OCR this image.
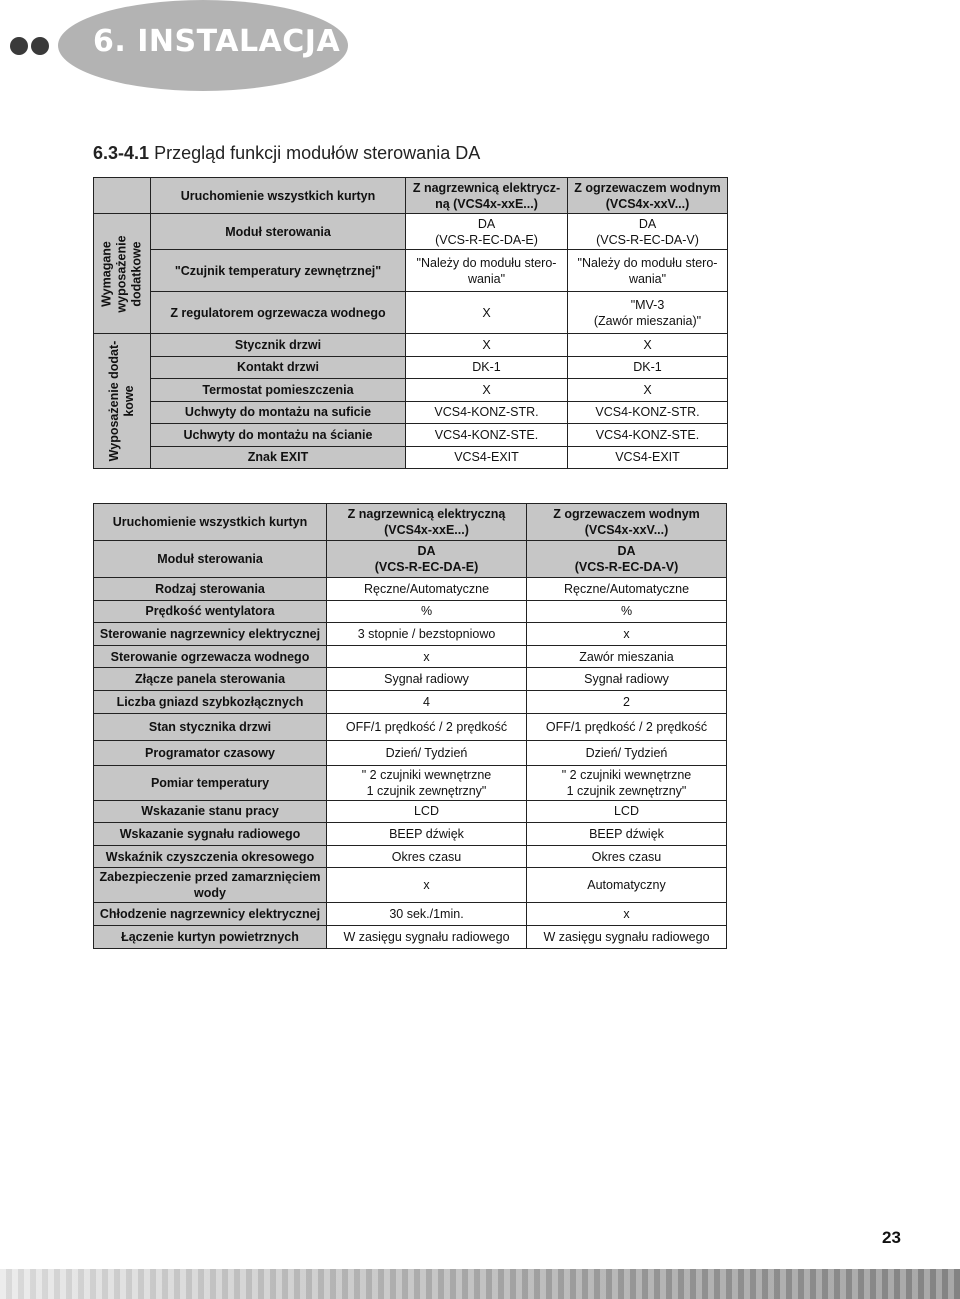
6. INSTALACJA
6.3-4.1 Przegląd funkcji modułów sterowania DA
	Uruchomienie wszystkich kurtyn	Z nagrzewnicą elektrycz-
ną (VCS4x-xxE...)	Z ogrzewaczem wodnym
(VCS4x-xxV...)

Wymagane
wyposażenie
dodatkowe	Moduł sterowania	DA
(VCS-R-EC-DA-E)	DA
(VCS-R-EC-DA-V)
	"Czujnik temperatury zewnętrznej"	"Należy do modułu stero-
wania"	"Należy do modułu stero-
wania"
	Z regulatorem ogrzewacza wodnego	X	"MV-3
(Zawór mieszania)"

Wyposażenie dodat-
kowe	Stycznik drzwi	X	X
	Kontakt drzwi	DK-1	DK-1
	Termostat pomieszczenia	X	X
	Uchwyty do montażu na suficie	VCS4-KONZ-STR.	VCS4-KONZ-STR.
	Uchwyty do montażu na ścianie	VCS4-KONZ-STE.	VCS4-KONZ-STE.
	Znak EXIT	VCS4-EXIT	VCS4-EXIT
Uruchomienie wszystkich kurtyn	Z nagrzewnicą elektryczną
(VCS4x-xxE...)	Z ogrzewaczem wodnym
(VCS4x-xxV...)
Moduł sterowania	DA
(VCS-R-EC-DA-E)	DA
(VCS-R-EC-DA-V)
Rodzaj sterowania	Ręczne/Automatyczne	Ręczne/Automatyczne
Prędkość wentylatora	%	%
Sterowanie nagrzewnicy elektrycznej	3 stopnie / bezstopniowo	x
Sterowanie ogrzewacza wodnego	x	Zawór mieszania
Złącze panela sterowania	Sygnał radiowy	Sygnał radiowy
Liczba gniazd szybkozłącznych	4	2
Stan stycznika drzwi	OFF/1 prędkość / 2 prędkość	OFF/1 prędkość / 2 prędkość
Programator czasowy	Dzień/ Tydzień	Dzień/ Tydzień
Pomiar temperatury	" 2 czujniki wewnętrzne
1 czujnik zewnętrzny"	" 2 czujniki wewnętrzne
1 czujnik zewnętrzny"
Wskazanie stanu pracy	LCD	LCD
Wskazanie sygnału radiowego	BEEP dźwięk	BEEP dźwięk
Wskaźnik czyszczenia okresowego	Okres czasu	Okres czasu
Zabezpieczenie przed zamarznięciem
wody	x	Automatyczny
Chłodzenie nagrzewnicy elektrycznej	30 sek./1min.	x
Łączenie kurtyn powietrznych	W zasięgu sygnału radiowego	W zasięgu sygnału radiowego
23
